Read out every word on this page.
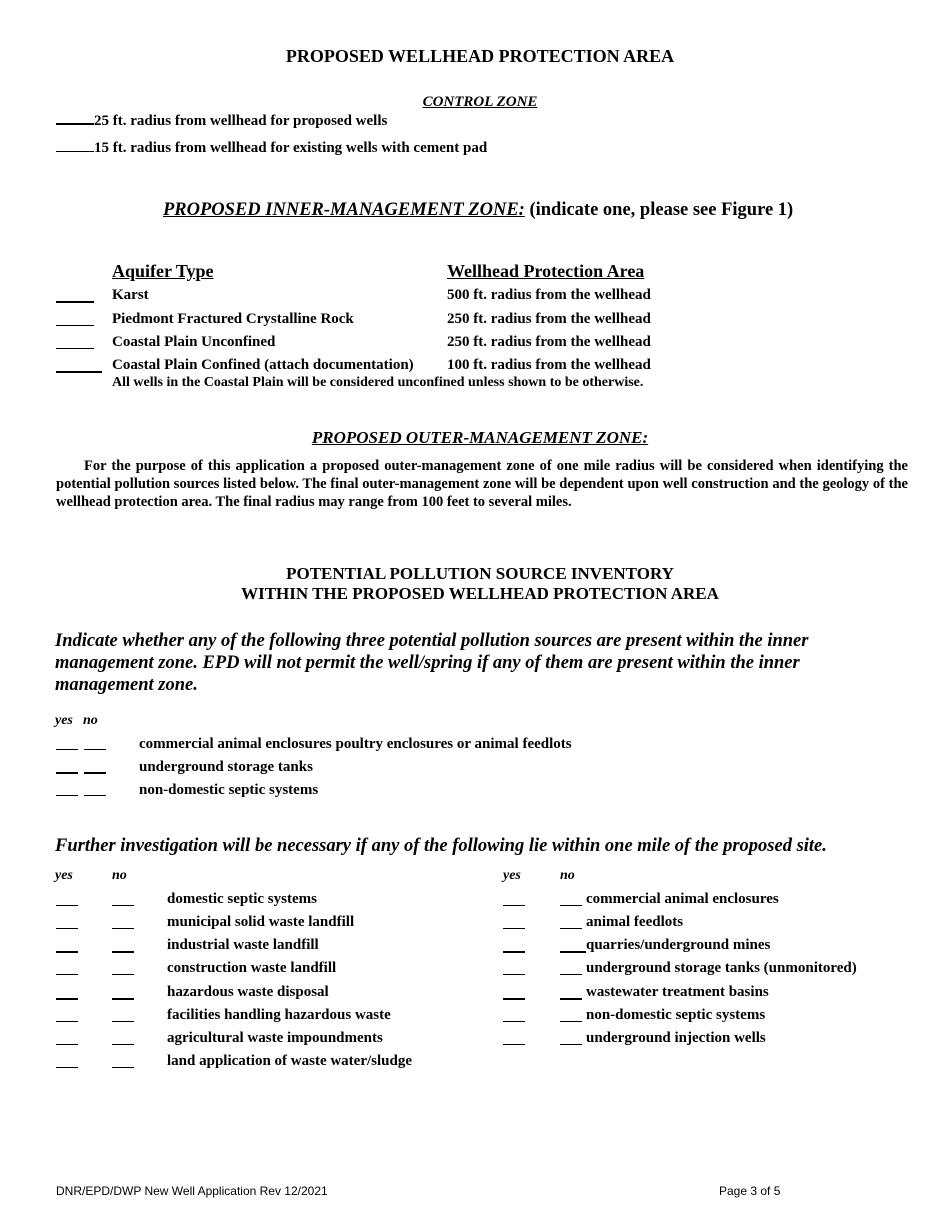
PROPOSED WELLHEAD PROTECTION AREA
CONTROL ZONE
25 ft. radius from wellhead for proposed wells
15 ft. radius from wellhead for existing wells with cement pad
PROPOSED INNER-MANAGEMENT ZONE: (indicate one, please see Figure 1)
Aquifer Type	Wellhead Protection Area
Karst	500 ft. radius from the wellhead
Piedmont Fractured Crystalline Rock	250 ft. radius from the wellhead
Coastal Plain Unconfined	250 ft. radius from the wellhead
Coastal Plain Confined (attach documentation) 100 ft. radius from the wellhead
All wells in the Coastal Plain will be considered unconfined unless shown to be otherwise.
PROPOSED OUTER-MANAGEMENT ZONE:
For the purpose of this application a proposed outer-management zone of one mile radius will be considered when identifying the potential pollution sources listed below. The final outer-management zone will be dependent upon well construction and the geology of the wellhead protection area. The final radius may range from 100 feet to several miles.
POTENTIAL POLLUTION SOURCE INVENTORY
WITHIN THE PROPOSED WELLHEAD PROTECTION AREA
Indicate whether any of the following three potential pollution sources are present within the inner management zone. EPD will not permit the well/spring if any of them are present within the inner management zone.
yes no
commercial animal enclosures poultry enclosures or animal feedlots
underground storage tanks
non-domestic septic systems
Further investigation will be necessary if any of the following lie within one mile of the proposed site.
yes	no	yes	no
domestic septic systems
municipal solid waste landfill
industrial waste landfill
construction waste landfill
hazardous waste disposal
facilities handling hazardous waste
agricultural waste impoundments
land application of waste water/sludge
commercial animal enclosures
animal feedlots
quarries/underground mines
underground storage tanks (unmonitored)
wastewater treatment basins
non-domestic septic systems
underground injection wells
DNR/EPD/DWP New Well Application Rev 12/2021	Page 3 of 5
